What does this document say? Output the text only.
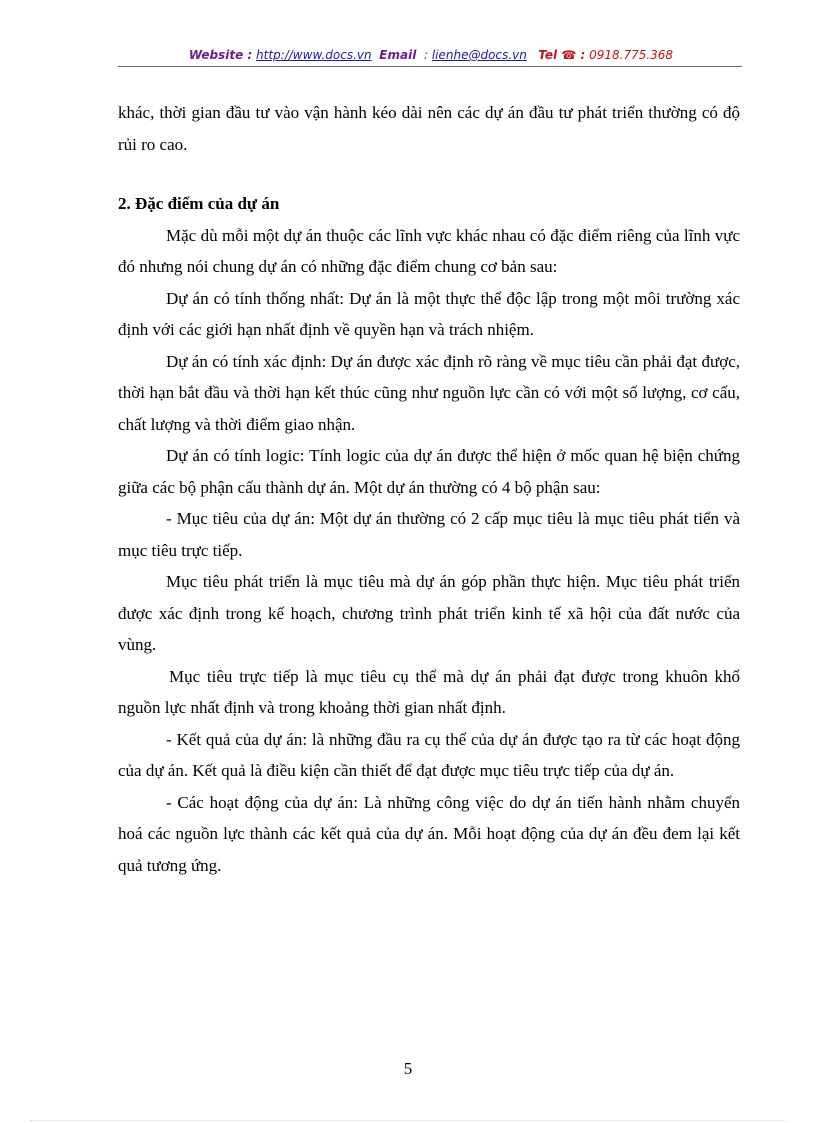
Website : http://www.docs.vn Email : lienhe@docs.vn Tel ☎ : 0918.775.368

khác, thời gian đầu tư vào vận hành kéo dài nên các dự án đầu tư phát triển thường có độ rủi ro cao.

2. Đặc điểm của dự án

Mặc dù mỗi một dự án thuộc các lĩnh vực khác nhau có đặc điểm riêng của lĩnh vực đó nhưng nói chung dự án có những đặc điểm chung cơ bản sau:

Dự án có tính thống nhất: Dự án là một thực thể độc lập trong một môi trường xác định với các giới hạn nhất định về quyền hạn và trách nhiệm.

Dự án có tính xác định: Dự án được xác định rõ ràng về mục tiêu cần phải đạt được, thời hạn bắt đầu và thời hạn kết thúc cũng như nguồn lực cần có với một số lượng, cơ cấu, chất lượng và thời điểm giao nhận.

Dự án có tính logic: Tính logic của dự án được thể hiện ở mốc quan hệ biện chứng giữa các bộ phận cấu thành dự án. Một dự án thường có 4 bộ phận sau:

- Mục tiêu của dự án: Một dự án thường có 2 cấp mục tiêu là mục tiêu phát tiển và mục tiêu trực tiếp.

Mục tiêu phát triển là mục tiêu mà dự án góp phần thực hiện. Mục tiêu phát triển được xác định trong kế hoạch, chương trình phát triển kinh tế xã hội của đất nước của vùng.

Mục tiêu trực tiếp là mục tiêu cụ thể mà dự án phải đạt được trong khuôn khổ nguồn lực nhất định và trong khoảng thời gian nhất định.

- Kết quả của dự án: là những đầu ra cụ thể của dự án được tạo ra từ các hoạt động của dự án. Kết quả là điều kiện cần thiết để đạt được mục tiêu trực tiếp của dự án.

- Các hoạt động của dự án: Là những công việc do dự án tiến hành nhằm chuyển hoá các nguồn lực thành các kết quả của dự án. Mỗi hoạt động của dự án đều đem lại kết quả tương ứng.

5
